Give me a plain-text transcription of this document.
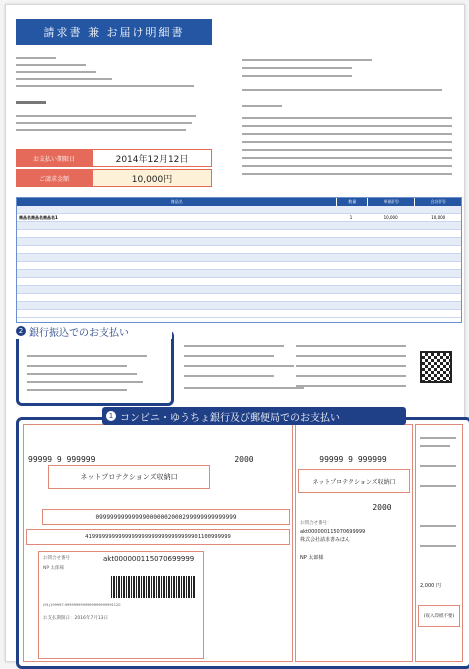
請求書 兼 お届け明細書
お支払い期限日	2014年12月12日
ご請求金額	10,000円
商品名	数量	単価(円)	合計(円)
商品名商品名商品名1	1	10,000	10,000
2 銀行振込でのお支払い
99999 9 999999	2000
ネットプロテクションズ収納口
099999999999990000002000299999999999999
41999999999999999999999999999999901100999999
お問合せ番号	akt000000115070699999
NP 太郎様
(91)199997-9999999999999999999991120
お支払期限日：2016年7月13日
99999 9 999999
ネットプロテクションズ収納口
2000
お問合せ番号：
akt000000115070699999
株式会社請求書みほん
NP 太郎様
2,000 円
(収入印紙不要)
1 コンビニ・ゆうちょ銀行及び郵便局でのお支払い
